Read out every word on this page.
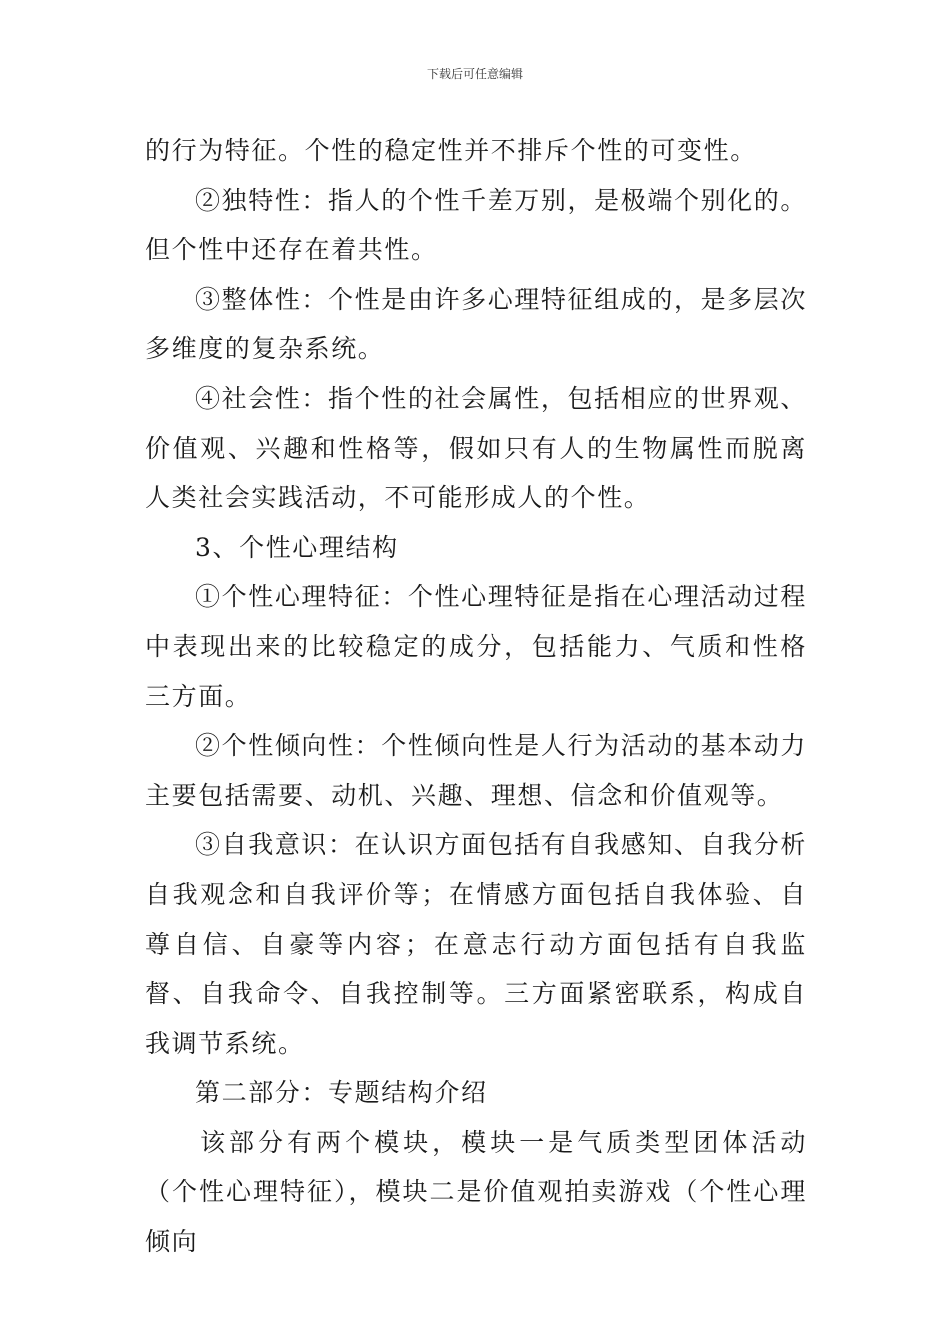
下载后可任意编辑

的行为特征。个性的稳定性并不排斥个性的可变性。

②独特性：指人的个性千差万别，是极端个别化的。但个性中还存在着共性。

③整体性：个性是由许多心理特征组成的，是多层次多维度的复杂系统。

④社会性：指个性的社会属性，包括相应的世界观、价值观、兴趣和性格等，假如只有人的生物属性而脱离人类社会实践活动，不可能形成人的个性。

3、个性心理结构

①个性心理特征：个性心理特征是指在心理活动过程中表现出来的比较稳定的成分，包括能力、气质和性格三方面。

②个性倾向性：个性倾向性是人行为活动的基本动力主要包括需要、动机、兴趣、理想、信念和价值观等。

③自我意识：在认识方面包括有自我感知、自我分析自我观念和自我评价等；在情感方面包括自我体验、自尊自信、自豪等内容；在意志行动方面包括有自我监督、自我命令、自我控制等。三方面紧密联系，构成自我调节系统。

第二部分：专题结构介绍

该部分有两个模块，模块一是气质类型团体活动（个性心理特征），模块二是价值观拍卖游戏（个性心理倾向
